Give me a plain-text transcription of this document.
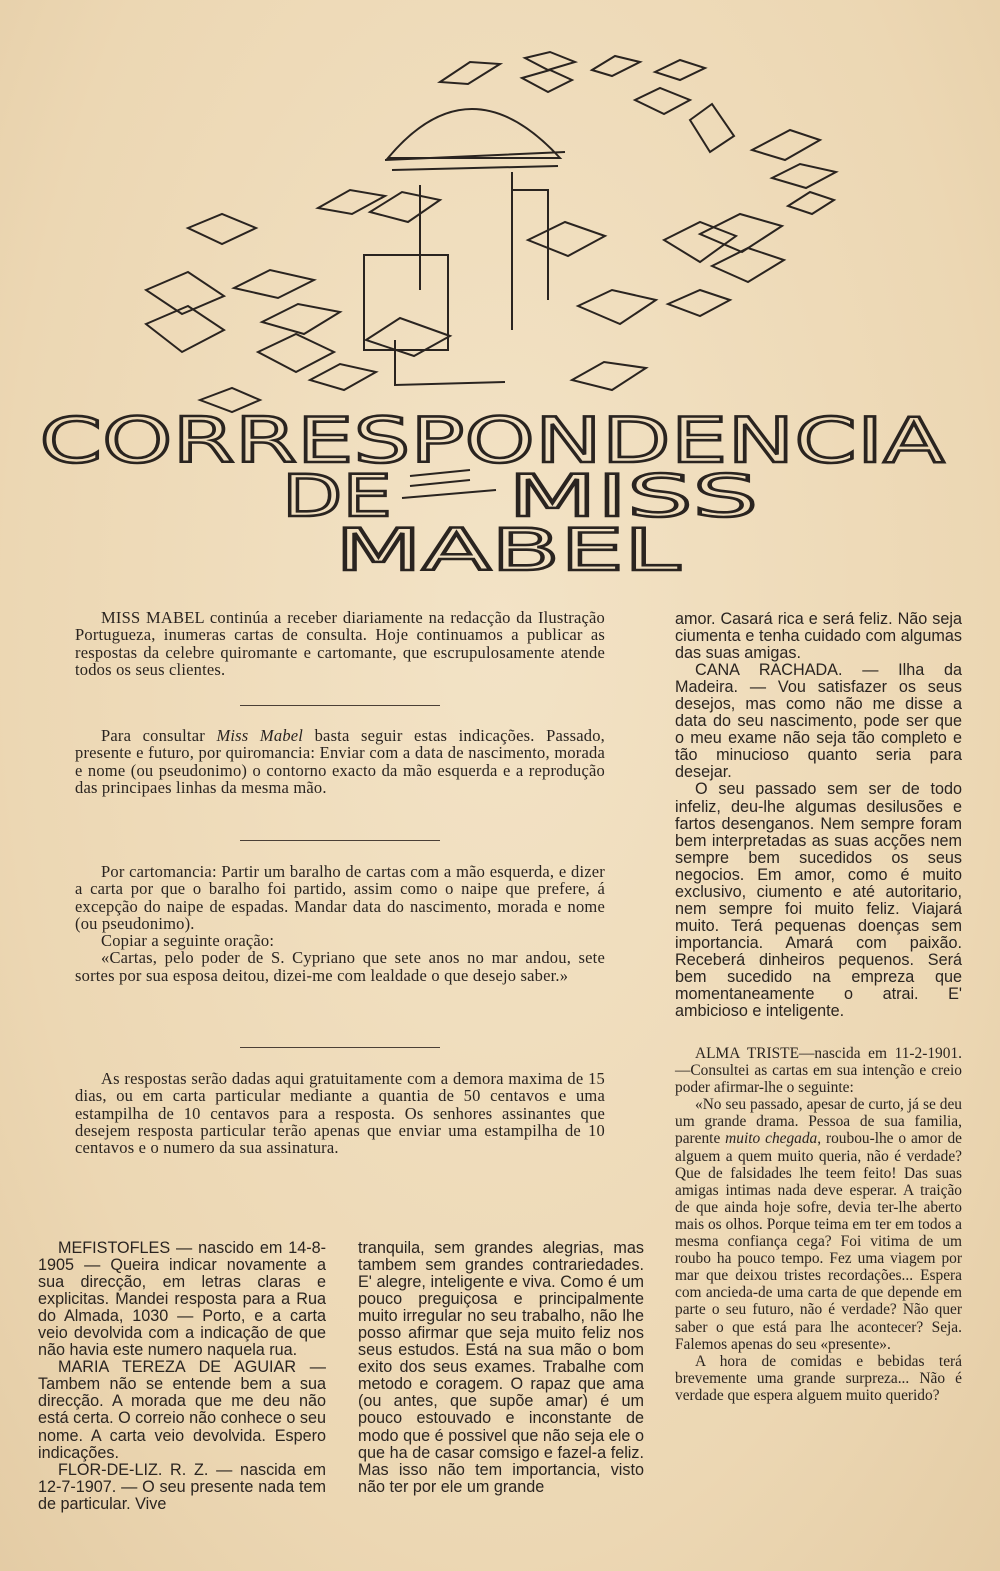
CORRESPONDENCIA
DE MISS
MABEL

MISS MABEL continúa a receber diariamente na redacção da Ilustração Portugueza, inumeras cartas de consulta. Hoje continuamos a publicar as respostas da celebre quiromante e cartomante, que escrupulosamente atende todos os seus clientes.

Para consultar Miss Mabel basta seguir estas indicações. Passado, presente e futuro, por quiromancia: Enviar com a data de nascimento, morada e nome (ou pseudonimo) o contorno exacto da mão esquerda e a reprodução das principaes linhas da mesma mão.

Por cartomancia: Partir um baralho de cartas com a mão esquerda, e dizer a carta por que o baralho foi partido, assim como o naipe que prefere, á excepção do naipe de espadas. Mandar data do nascimento, morada e nome (ou pseudonimo).

Copiar a seguinte oração:

«Cartas, pelo poder de S. Cypriano que sete anos no mar andou, sete sortes por sua esposa deitou, dizei-me com lealdade o que desejo saber.»

As respostas serão dadas aqui gratuitamente com a demora maxima de 15 dias, ou em carta particular mediante a quantia de 50 centavos e uma estampilha de 10 centavos para a resposta. Os senhores assinantes que desejem resposta particular terão apenas que enviar uma estampilha de 10 centavos e o numero da sua assinatura.

MEFISTOFLES — nascido em 14-8-1905 — Queira indicar novamente a sua direcção, em letras claras e explicitas. Mandei resposta para a Rua do Almada, 1030 — Porto, e a carta veio devolvida com a indicação de que não havia este numero naquela rua.

MARIA TEREZA DE AGUIAR — Tambem não se entende bem a sua direcção. A morada que me deu não está certa. O correio não conhece o seu nome. A carta veio devolvida. Espero indicações.

FLOR-DE-LIZ. R. Z. — nascida em 12-7-1907. — O seu presente nada tem de particular. Vive

tranquila, sem grandes alegrias, mas tambem sem grandes contrariedades. E' alegre, inteligente e viva. Como é um pouco preguiçosa e principalmente muito irregular no seu trabalho, não lhe posso afirmar que seja muito feliz nos seus estudos. Está na sua mão o bom exito dos seus exames. Trabalhe com metodo e coragem. O rapaz que ama (ou antes, que supõe amar) é um pouco estouvado e inconstante de modo que é possivel que não seja ele o que ha de casar comsigo e fazel-a feliz. Mas isso não tem importancia, visto não ter por ele um grande

amor. Casará rica e será feliz. Não seja ciumenta e tenha cuidado com algumas das suas amigas.

CANA RACHADA. — Ilha da Madeira. — Vou satisfazer os seus desejos, mas como não me disse a data do seu nascimento, pode ser que o meu exame não seja tão completo e tão minucioso quanto seria para desejar.

O seu passado sem ser de todo infeliz, deu-lhe algumas desilusões e fartos desenganos. Nem sempre foram bem interpretadas as suas acções nem sempre bem sucedidos os seus negocios. Em amor, como é muito exclusivo, ciumento e até autoritario, nem sempre foi muito feliz. Viajará muito. Terá pequenas doenças sem importancia. Amará com paixão. Receberá dinheiros pequenos. Será bem sucedido na empreza que momentaneamente o atrai. E' ambicioso e inteligente.

ALMA TRISTE—nascida em 11-2-1901.—Consultei as cartas em sua intenção e creio poder afirmar-lhe o seguinte:

«No seu passado, apesar de curto, já se deu um grande drama. Pessoa de sua familia, parente muito chegada, roubou-lhe o amor de alguem a quem muito queria, não é verdade? Que de falsidades lhe teem feito! Das suas amigas intimas nada deve esperar. A traição de que ainda hoje sofre, devia ter-lhe aberto mais os olhos. Porque teima em ter em todos a mesma confiança cega? Foi vitima de um roubo ha pouco tempo. Fez uma viagem por mar que deixou tristes recordações... Espera com ancieda-de uma carta de que depende em parte o seu futuro, não é verdade? Não quer saber o que está para lhe acontecer? Seja. Falemos apenas do seu «presente».

A hora de comidas e bebidas terá brevemente uma grande surpreza... Não é verdade que espera alguem muito querido?
